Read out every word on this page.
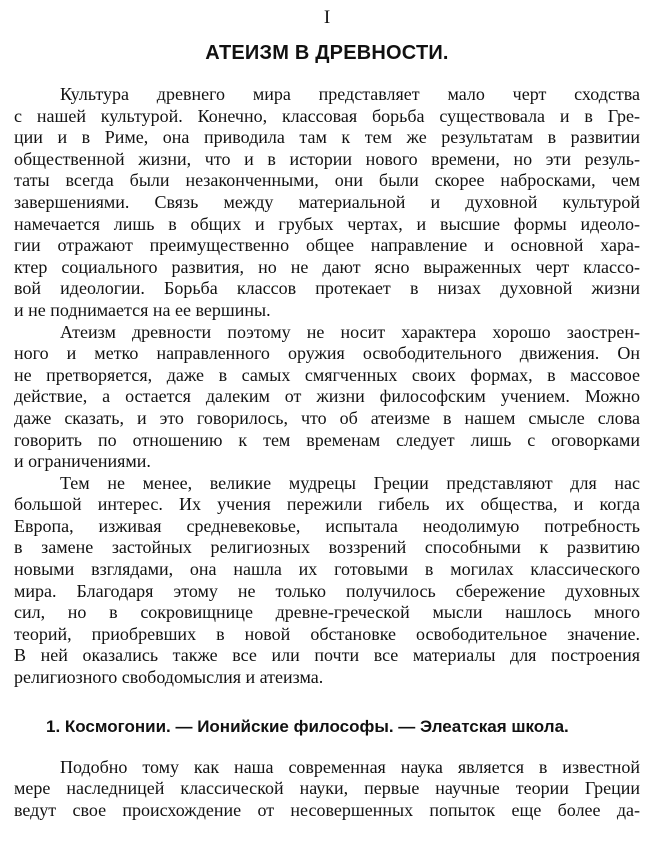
I
АТЕИЗМ В ДРЕВНОСТИ.

Культура древнего мира представляет мало черт сходства
с нашей культурой. Конечно, классовая борьба существовала и в Гре-
ции и в Риме, она приводила там к тем же результатам в развитии
общественной жизни, что и в истории нового времени, но эти резуль-
таты всегда были незаконченными, они были скорее набросками, чем
завершениями. Связь между материальной и духовной культурой
намечается лишь в общих и грубых чертах, и высшие формы идеоло-
гии отражают преимущественно общее направление и основной хара-
ктер социального развития, но не дают ясно выраженных черт классо-
вой идеологии. Борьба классов протекает в низах духовной жизни
и не поднимается на ее вершины.

Атеизм древности поэтому не носит характера хорошо заострен-
ного и метко направленного оружия освободительного движения. Он
не претворяется, даже в самых смягченных своих формах, в массовое
действие, а остается далеким от жизни философским учением. Можно
даже сказать, и это говорилось, что об атеизме в нашем смысле слова
говорить по отношению к тем временам следует лишь с оговорками
и ограничениями.

Тем не менее, великие мудрецы Греции представляют для нас
большой интерес. Их учения пережили гибель их общества, и когда
Европа, изживая средневековье, испытала неодолимую потребность
в замене застойных религиозных воззрений способными к развитию
новыми взглядами, она нашла их готовыми в могилах классического
мира. Благодаря этому не только получилось сбережение духовных
сил, но в сокровищнице древне-греческой мысли нашлось много
теорий, приобревших в новой обстановке освободительное значение.
В ней оказались также все или почти все материалы для построения
религиозного свободомыслия и атеизма.

1. Космогонии. — Ионийские философы. — Элеатская школа.

Подобно тому как наша современная наука является в известной
мере наследницей классической науки, первые научные теории Греции
ведут свое происхождение от несовершенных попыток еще более да-
